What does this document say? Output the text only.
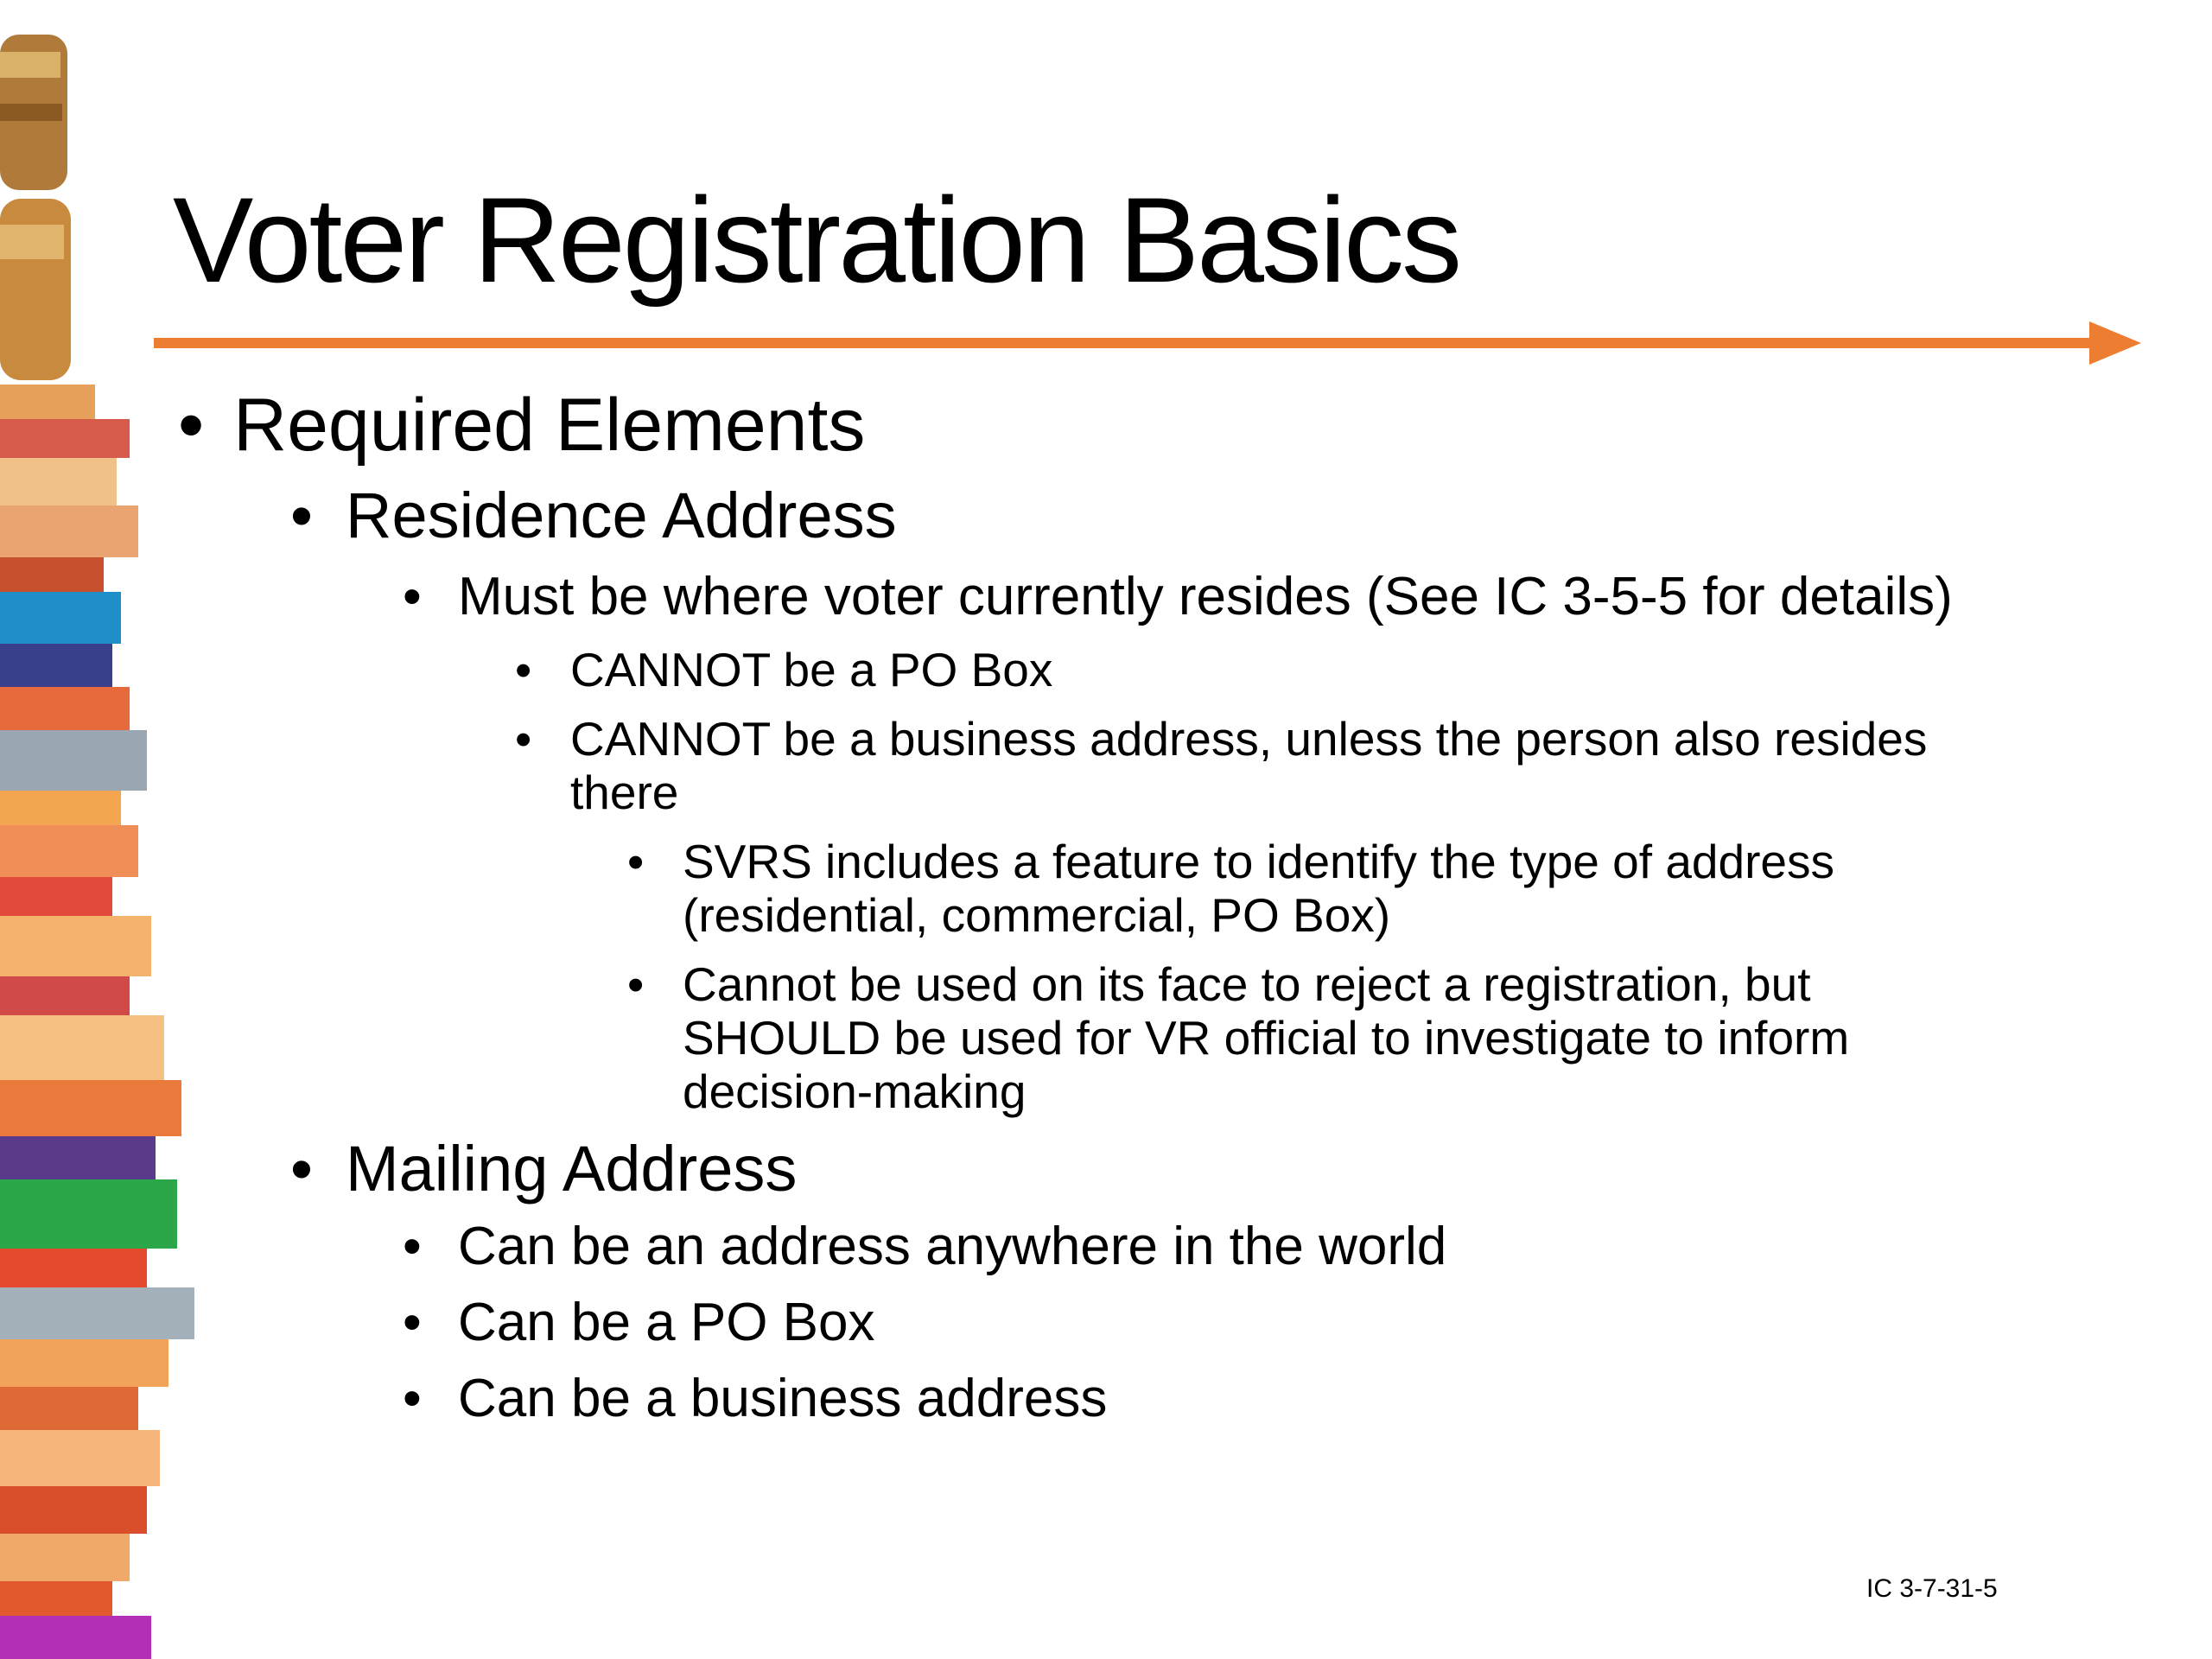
Voter Registration Basics
• Required Elements
• Residence Address
• Must be where voter currently resides (See IC 3-5-5 for details)
• CANNOT be a PO Box
• CANNOT be a business address, unless the person also resides
there
• SVRS includes a feature to identify the type of address
(residential, commercial, PO Box)
• Cannot be used on its face to reject a registration, but
SHOULD be used for VR official to investigate to inform
decision-making
• Mailing Address
• Can be an address anywhere in the world
• Can be a PO Box
• Can be a business address
IC 3-7-31-5
